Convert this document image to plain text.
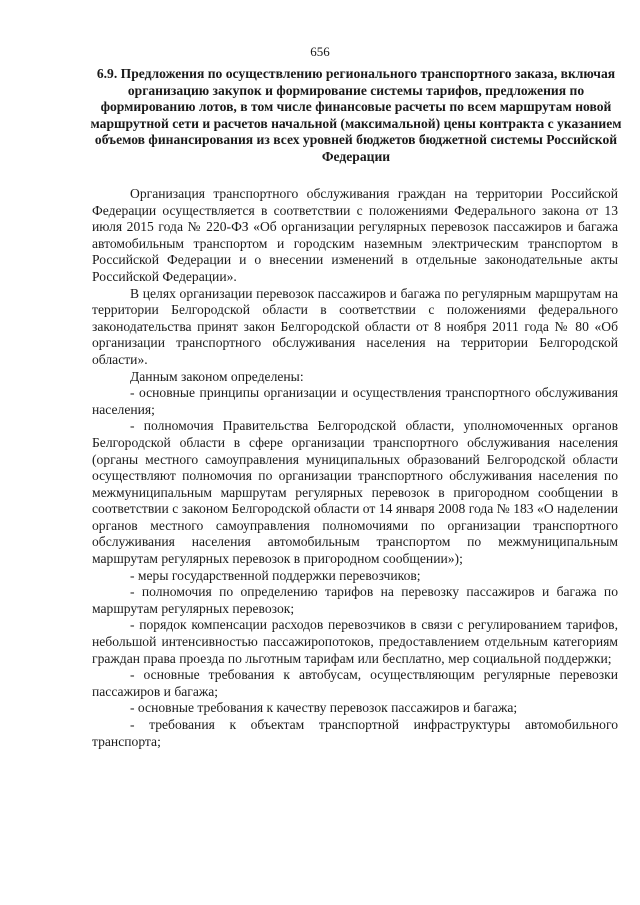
656
6.9. Предложения по осуществлению регионального транспортного заказа, включая организацию закупок и формирование системы тарифов, предложения по формированию лотов, в том числе финансовые расчеты по всем маршрутам новой маршрутной сети и расчетов начальной (максимальной) цены контракта с указанием объемов финансирования из всех уровней бюджетов бюджетной системы Российской Федерации

Организация транспортного обслуживания граждан на территории Российской Федерации осуществляется в соответствии с положениями Федерального закона от 13 июля 2015 года № 220-ФЗ «Об организации регулярных перевозок пассажиров и багажа автомобильным транспортом и городским наземным электрическим транспортом в Российской Федерации и о внесении изменений в отдельные законодательные акты Российской Федерации».

В целях организации перевозок пассажиров и багажа по регулярным маршрутам на территории Белгородской области в соответствии с положениями федерального законодательства принят закон Белгородской области от 8 ноября 2011 года № 80 «Об организации транспортного обслуживания населения на территории Белгородской области».

Данным законом определены:

- основные принципы организации и осуществления транспортного обслуживания населения;

- полномочия Правительства Белгородской области, уполномоченных органов Белгородской области в сфере организации транспортного обслуживания населения (органы местного самоуправления муниципальных образований Белгородской области осуществляют полномочия по организации транспортного обслуживания населения по межмуниципальным маршрутам регулярных перевозок в пригородном сообщении в соответствии с законом Белгородской области от 14 января 2008 года № 183 «О наделении органов местного самоуправления полномочиями по организации транспортного обслуживания населения автомобильным транспортом по межмуниципальным маршрутам регулярных перевозок в пригородном сообщении»);

- меры государственной поддержки перевозчиков;

- полномочия по определению тарифов на перевозку пассажиров и багажа по маршрутам регулярных перевозок;

- порядок компенсации расходов перевозчиков в связи с регулированием тарифов, небольшой интенсивностью пассажиропотоков, предоставлением отдельным категориям граждан права проезда по льготным тарифам или бесплатно, мер социальной поддержки;

- основные требования к автобусам, осуществляющим регулярные перевозки пассажиров и багажа;

- основные требования к качеству перевозок пассажиров и багажа;

- требования к объектам транспортной инфраструктуры автомобильного транспорта;
